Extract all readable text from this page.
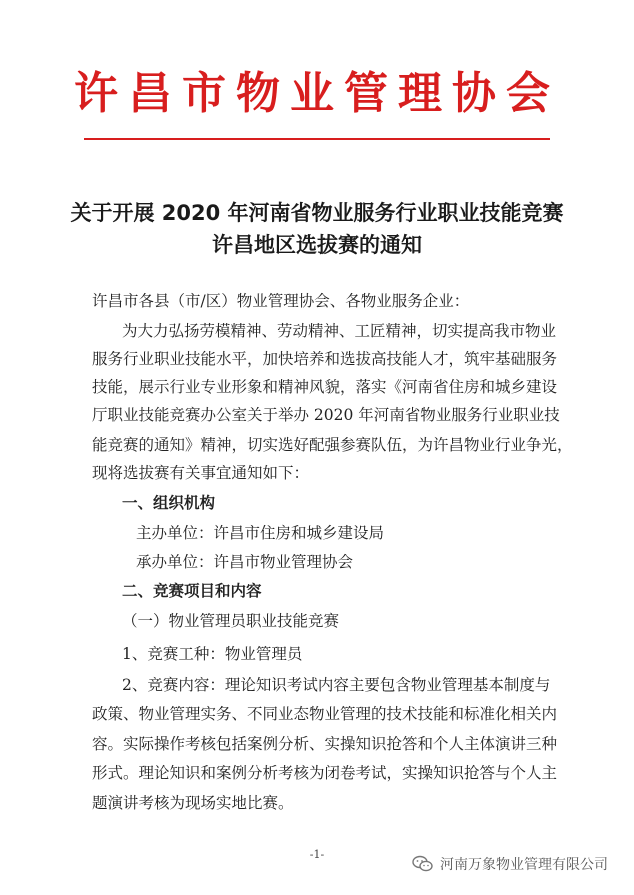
许昌市物业管理协会
关于开展 2020 年河南省物业服务行业职业技能竞赛
许昌地区选拔赛的通知

许昌市各县（市/区）物业管理协会、各物业服务企业：

为大力弘扬劳模精神、劳动精神、工匠精神，切实提高我市物业

服务行业职业技能水平，加快培养和选拔高技能人才，筑牢基础服务

技能，展示行业专业形象和精神风貌，落实《河南省住房和城乡建设

厅职业技能竞赛办公室关于举办 2020 年河南省物业服务行业职业技

能竞赛的通知》精神，切实选好配强参赛队伍，为许昌物业行业争光，

现将选拔赛有关事宜通知如下：

一、组织机构

主办单位：许昌市住房和城乡建设局

承办单位：许昌市物业管理协会

二、竞赛项目和内容

（一）物业管理员职业技能竞赛

1、竞赛工种：物业管理员

2、竞赛内容：理论知识考试内容主要包含物业管理基本制度与

政策、物业管理实务、不同业态物业管理的技术技能和标准化相关内

容。实际操作考核包括案例分析、实操知识抢答和个人主体演讲三种

形式。理论知识和案例分析考核为闭卷考试，实操知识抢答与个人主

题演讲考核为现场实地比赛。

-1-
河南万象物业管理有限公司
